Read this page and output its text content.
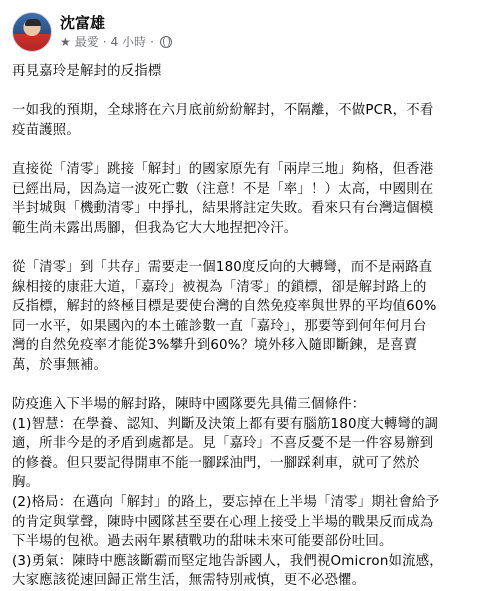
沈富雄
★ 最愛 · 4 小時 ·
再見嘉玲是解封的反指標
一如我的預期，全球將在六月底前紛紛解封，不隔離，不做PCR，不看
疫苗護照。
直接從「清零」跳接「解封」的國家原先有「兩岸三地」夠格，但香港
已經出局，因為這一波死亡數（注意！不是「率」！）太高，中國則在
半封城與「機動清零」中掙扎，結果將註定失敗。看來只有台灣這個模
範生尚未露出馬腳，但我為它大大地捏把冷汗。
從「清零」到「共存」需要走一個180度反向的大轉彎，而不是兩路直
線相接的康莊大道，「嘉玲」被視為「清零」的鎖標，卻是解封路上的
反指標，解封的終極目標是要使台灣的自然免疫率與世界的平均值60%
同一水平，如果國內的本土確診數一直「嘉玲」，那要等到何年何月台
灣的自然免疫率才能從3%攀升到60%？境外移入隨即斷鍊，是喜賣
萬，於事無補。
防疫進入下半場的解封路，陳時中國隊要先具備三個條件：
(1)智慧：在學養、認知、判斷及決策上都有要有腦筋180度大轉彎的調
適，所非今是的矛盾到處都是。見「嘉玲」不喜反憂不是一件容易辦到
的修養。但只要記得開車不能一腳踩油門，一腳踩剎車，就可了然於
胸。
(2)格局：在邁向「解封」的路上，要忘掉在上半場「清零」期社會給予
的肯定與掌聲，陳時中國隊甚至要在心理上接受上半場的戰果反而成為
下半場的包袱。過去兩年累積戰功的甜味未來可能要部份吐回。
(3)勇氣：陳時中應該斷霸而堅定地告訴國人，我們視Omicron如流感，
大家應該從速回歸正常生活，無需特別戒慎，更不必恐懼。
